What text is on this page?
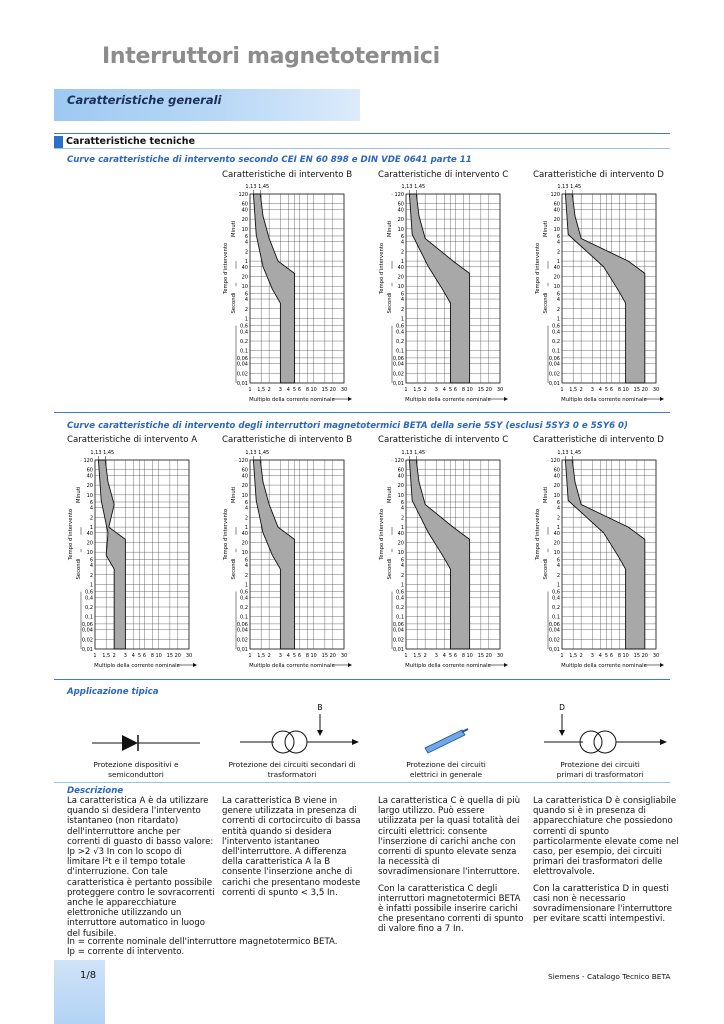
Interruttori magnetotermici
Caratteristiche generali
Caratteristiche tecniche
Curve caratteristiche di intervento secondo CEI EN 60 898 e DIN VDE 0641 parte 11
Caratteristiche di intervento B	Caratteristiche di intervento C	Caratteristiche di intervento D
120
60
40
20
10
6
4
2
1
40
20
10
6
4
2
1
0,6
0,4
0,2
0,1
0,06
0,04
0,02
0,01
1 1,5 2 3 4 5 6 8 10 15 20 30
1,13 1,45
Multiplo della corrente nominale
Tempo d'intervento
Minuti
Secondi
120
60
40
20
10
6
4
2
1
40
20
10
6
4
2
1
0,6
0,4
0,2
0,1
0,06
0,04
0,02
0,01
1 1,5 2 3 4 5 6 8 10 15 20 30
1,13 1,45
Multiplo della corrente nominale
Tempo d'intervento
Minuti
Secondi
120
60
40
20
10
6
4
2
1
40
20
10
6
4
2
1
0,6
0,4
0,2
0,1
0,06
0,04
0,02
0,01
1 1,5 2 3 4 5 6 8 10 15 20 30
1,13 1,45
Multiplo della corrente nominale
Tempo d'intervento
Minuti
Secondi
Curve caratteristiche di intervento degli interruttori magnetotermici BETA della serie 5SY (esclusi 5SY3 0 e 5SY6 0)
Caratteristiche di intervento A	Caratteristiche di intervento B	Caratteristiche di intervento C	Caratteristiche di intervento D
120
60
40
20
10
6
4
2
1
40
20
10
6
4
2
1
0,6
0,4
0,2
0,1
0,06
0,04
0,02
0,01
1 1,5 2 3 4 5 6 8 10 15 20 30
1,13 1,45
Multiplo della corrente nominale
Tempo d'intervento
Minuti
Secondi
120
60
40
20
10
6
4
2
1
40
20
10
6
4
2
1
0,6
0,4
0,2
0,1
0,06
0,04
0,02
0,01
1 1,5 2 3 4 5 6 8 10 15 20 30
1,13 1,45
Multiplo della corrente nominale
Tempo d'intervento
Minuti
Secondi
120
60
40
20
10
6
4
2
1
40
20
10
6
4
2
1
0,6
0,4
0,2
0,1
0,06
0,04
0,02
0,01
1 1,5 2 3 4 5 6 8 10 15 20 30
1,13 1,45
Multiplo della corrente nominale
Tempo d'intervento
Minuti
Secondi
120
60
40
20
10
6
4
2
1
40
20
10
6
4
2
1
0,6
0,4
0,2
0,1
0,06
0,04
0,02
0,01
1 1,5 2 3 4 5 6 8 10 15 20 30
1,13 1,45
Multiplo della corrente nominale
Tempo d'intervento
Minuti
Secondi
Applicazione tipica
B	D
Protezione dispositivi e
semiconduttori
Protezione dei circuiti secondari di
trasformatori
Protezione dei circuiti
elettrici in generale
Protezione dei circuiti
primari di trasformatori
Descrizione

La caratteristica A è da utilizzare quando si desidera l'intervento istantaneo (non ritardato) dell'interruttore anche per correnti di guasto di basso valore: Ip >2 √3 In con lo scopo di limitare l²t e il tempo totale d'interruzione. Con tale caratteristica è pertanto possibile proteggere contro le sovracorrenti anche le apparecchiature elettroniche utilizzando un interruttore automatico in luogo del fusibile.

La caratteristica B viene in genere utilizzata in presenza di correnti di cortocircuito di bassa entità quando si desidera l'intervento istantaneo dell'interruttore. A differenza della caratteristica A la B consente l'inserzione anche di carichi che presentano modeste correnti di spunto < 3,5 In.

La caratteristica C è quella di più largo utilizzo. Può essere utilizzata per la quasi totalità dei circuiti elettrici: consente l'inserzione di carichi anche con correnti di spunto elevate senza la necessità di sovradimensionare l'interruttore.

Con la caratteristica C degli interruttori magnetotermici BETA è infatti possibile inserire carichi che presentano correnti di spunto di valore fino a 7 In.

La caratteristica D è consigliabile quando si è in presenza di apparecchiature che possiedono correnti di spunto particolarmente elevate come nel caso, per esempio, dei circuiti primari dei trasformatori delle elettrovalvole.

Con la caratteristica D in questi casi non è necessario sovradimensionare l'interruttore per evitare scatti intempestivi.

In = corrente nominale dell'interruttore magnetotermico BETA.
Ip = corrente di intervento.
1/8	Siemens - Catalogo Tecnico BETA
